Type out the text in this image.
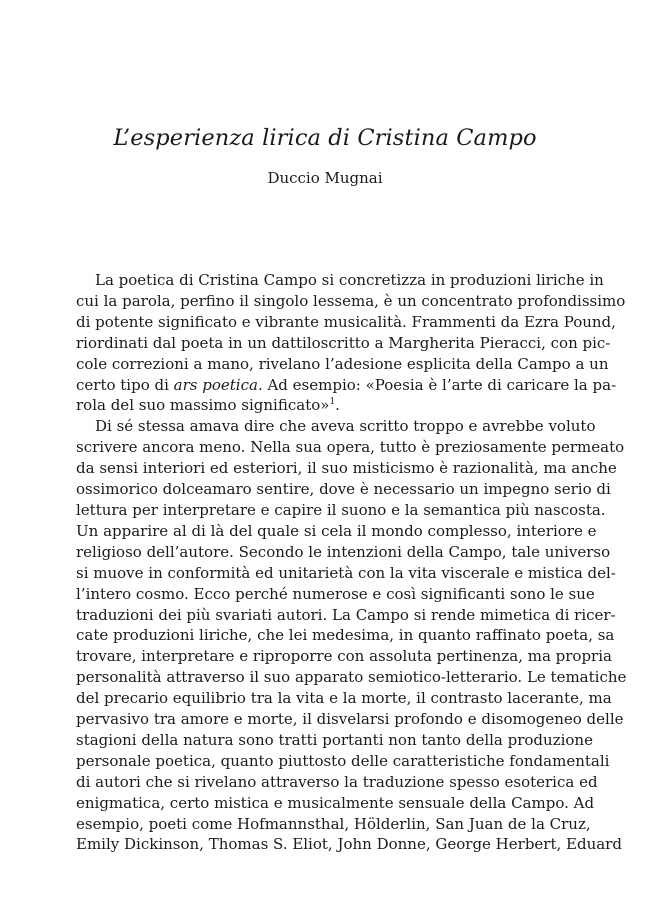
L’esperienza lirica di Cristina Campo
Duccio Mugnai
La poetica di Cristina Campo si concretizza in produzioni liriche in
cui la parola, perfino il singolo lessema, è un concentrato profondissimo
di potente significato e vibrante musicalità. Frammenti da Ezra Pound,
riordinati dal poeta in un dattiloscritto a Margherita Pieracci, con pic-
cole correzioni a mano, rivelano l’adesione esplicita della Campo a un
certo tipo di ars poetica. Ad esempio: «Poesia è l’arte di caricare la pa-
rola del suo massimo significato»$^1$.
Di sé stessa amava dire che aveva scritto troppo e avrebbe voluto
scrivere ancora meno. Nella sua opera, tutto è preziosamente permeato
da sensi interiori ed esteriori, il suo misticismo è razionalità, ma anche
ossimorico dolceamaro sentire, dove è necessario un impegno serio di
lettura per interpretare e capire il suono e la semantica più nascosta.
Un apparire al di là del quale si cela il mondo complesso, interiore e
religioso dell’autore. Secondo le intenzioni della Campo, tale universo
si muove in conformità ed unitarietà con la vita viscerale e mistica del-
l’intero cosmo. Ecco perché numerose e così significanti sono le sue
traduzioni dei più svariati autori. La Campo si rende mimetica di ricer-
cate produzioni liriche, che lei medesima, in quanto raffinato poeta, sa
trovare, interpretare e riproporre con assoluta pertinenza, ma propria
personalità attraverso il suo apparato semiotico-letterario. Le tematiche
del precario equilibrio tra la vita e la morte, il contrasto lacerante, ma
pervasivo tra amore e morte, il disvelarsi profondo e disomogeneo delle
stagioni della natura sono tratti portanti non tanto della produzione
personale poetica, quanto piuttosto delle caratteristiche fondamentali
di autori che si rivelano attraverso la traduzione spesso esoterica ed
enigmatica, certo mistica e musicalmente sensuale della Campo. Ad
esempio, poeti come Hofmannsthal, Hölderlin, San Juan de la Cruz,
Emily Dickinson, Thomas S. Eliot, John Donne, George Herbert, Eduard
